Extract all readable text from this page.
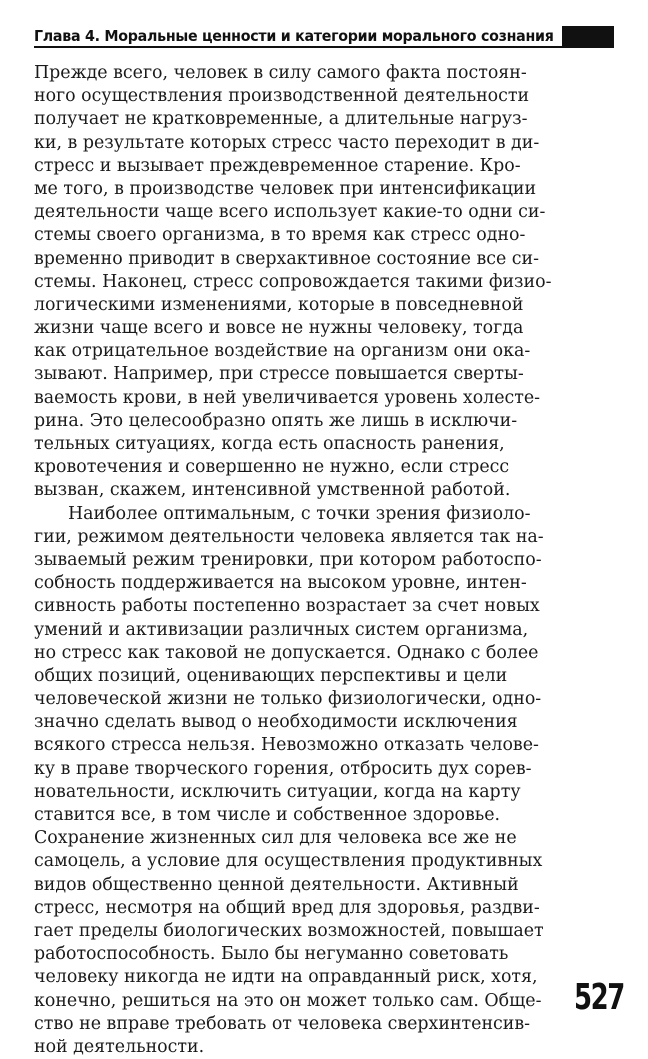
Глава 4. Моральные ценности и категории морального сознания
Прежде всего, человек в силу самого факта постоян-
ного осуществления производственной деятельности
получает не кратковременные, а длительные нагруз-
ки, в результате которых стресс часто переходит в ди-
стресс и вызывает преждевременное старение. Кро-
ме того, в производстве человек при интенсификации
деятельности чаще всего использует какие-то одни си-
стемы своего организма, в то время как стресс одно-
временно приводит в сверхактивное состояние все си-
стемы. Наконец, стресс сопровождается такими физио-
логическими изменениями, которые в повседневной
жизни чаще всего и вовсе не нужны человеку, тогда
как отрицательное воздействие на организм они ока-
зывают. Например, при стрессе повышается сверты-
ваемость крови, в ней увеличивается уровень холесте-
рина. Это целесообразно опять же лишь в исключи-
тельных ситуациях, когда есть опасность ранения,
кровотечения и совершенно не нужно, если стресс
вызван, скажем, интенсивной умственной работой.
Наиболее оптимальным, с точки зрения физиоло-
гии, режимом деятельности человека является так на-
зываемый режим тренировки, при котором работоспо-
собность поддерживается на высоком уровне, интен-
сивность работы постепенно возрастает за счет новых
умений и активизации различных систем организма,
но стресс как таковой не допускается. Однако с более
общих позиций, оценивающих перспективы и цели
человеческой жизни не только физиологически, одно-
значно сделать вывод о необходимости исключения
всякого стресса нельзя. Невозможно отказать челове-
ку в праве творческого горения, отбросить дух сорев-
новательности, исключить ситуации, когда на карту
ставится все, в том числе и собственное здоровье.
Сохранение жизненных сил для человека все же не
самоцель, а условие для осуществления продуктивных
видов общественно ценной деятельности. Активный
стресс, несмотря на общий вред для здоровья, раздви-
гает пределы биологических возможностей, повышает
работоспособность. Было бы негуманно советовать
человеку никогда не идти на оправданный риск, хотя,
конечно, решиться на это он может только сам. Обще-
ство не вправе требовать от человека сверхинтенсив-
ной деятельности.
527
